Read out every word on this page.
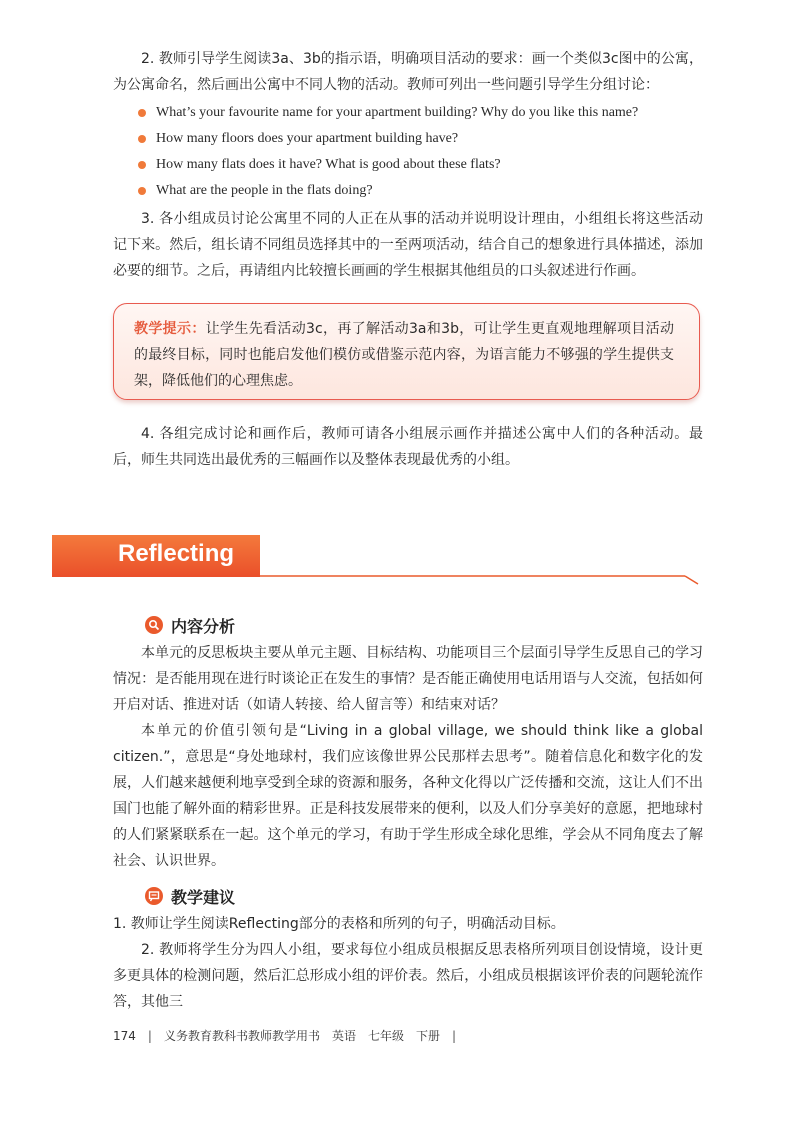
2. 教师引导学生阅读3a、3b的指示语，明确项目活动的要求：画一个类似3c图中的公寓，为公寓命名，然后画出公寓中不同人物的活动。教师可列出一些问题引导学生分组讨论：

What’s your favourite name for your apartment building? Why do you like this name?
How many floors does your apartment building have?
How many flats does it have? What is good about these flats?
What are the people in the flats doing?

3. 各小组成员讨论公寓里不同的人正在从事的活动并说明设计理由，小组组长将这些活动记下来。然后，组长请不同组员选择其中的一至两项活动，结合自己的想象进行具体描述，添加必要的细节。之后，再请组内比较擅长画画的学生根据其他组员的口头叙述进行作画。

教学提示：让学生先看活动3c，再了解活动3a和3b，可让学生更直观地理解项目活动的最终目标，同时也能启发他们模仿或借鉴示范内容，为语言能力不够强的学生提供支架，降低他们的心理焦虑。

4. 各组完成讨论和画作后，教师可请各小组展示画作并描述公寓中人们的各种活动。最后，师生共同选出最优秀的三幅画作以及整体表现最优秀的小组。

Reflecting
内容分析

本单元的反思板块主要从单元主题、目标结构、功能项目三个层面引导学生反思自己的学习情况：是否能用现在进行时谈论正在发生的事情？是否能正确使用电话用语与人交流，包括如何开启对话、推进对话（如请人转接、给人留言等）和结束对话？

本单元的价值引领句是“Living in a global village, we should think like a global citizen.”，意思是“身处地球村，我们应该像世界公民那样去思考”。随着信息化和数字化的发展，人们越来越便利地享受到全球的资源和服务，各种文化得以广泛传播和交流，这让人们不出国门也能了解外面的精彩世界。正是科技发展带来的便利，以及人们分享美好的意愿，把地球村的人们紧紧联系在一起。这个单元的学习，有助于学生形成全球化思维，学会从不同角度去了解社会、认识世界。

教学建议

1. 教师让学生阅读Reflecting部分的表格和所列的句子，明确活动目标。

2. 教师将学生分为四人小组，要求每位小组成员根据反思表格所列项目创设情境，设计更多更具体的检测问题，然后汇总形成小组的评价表。然后，小组成员根据该评价表的问题轮流作答，其他三

174 | 义务教育教科书教师教学用书 英语 七年级 下册 |
